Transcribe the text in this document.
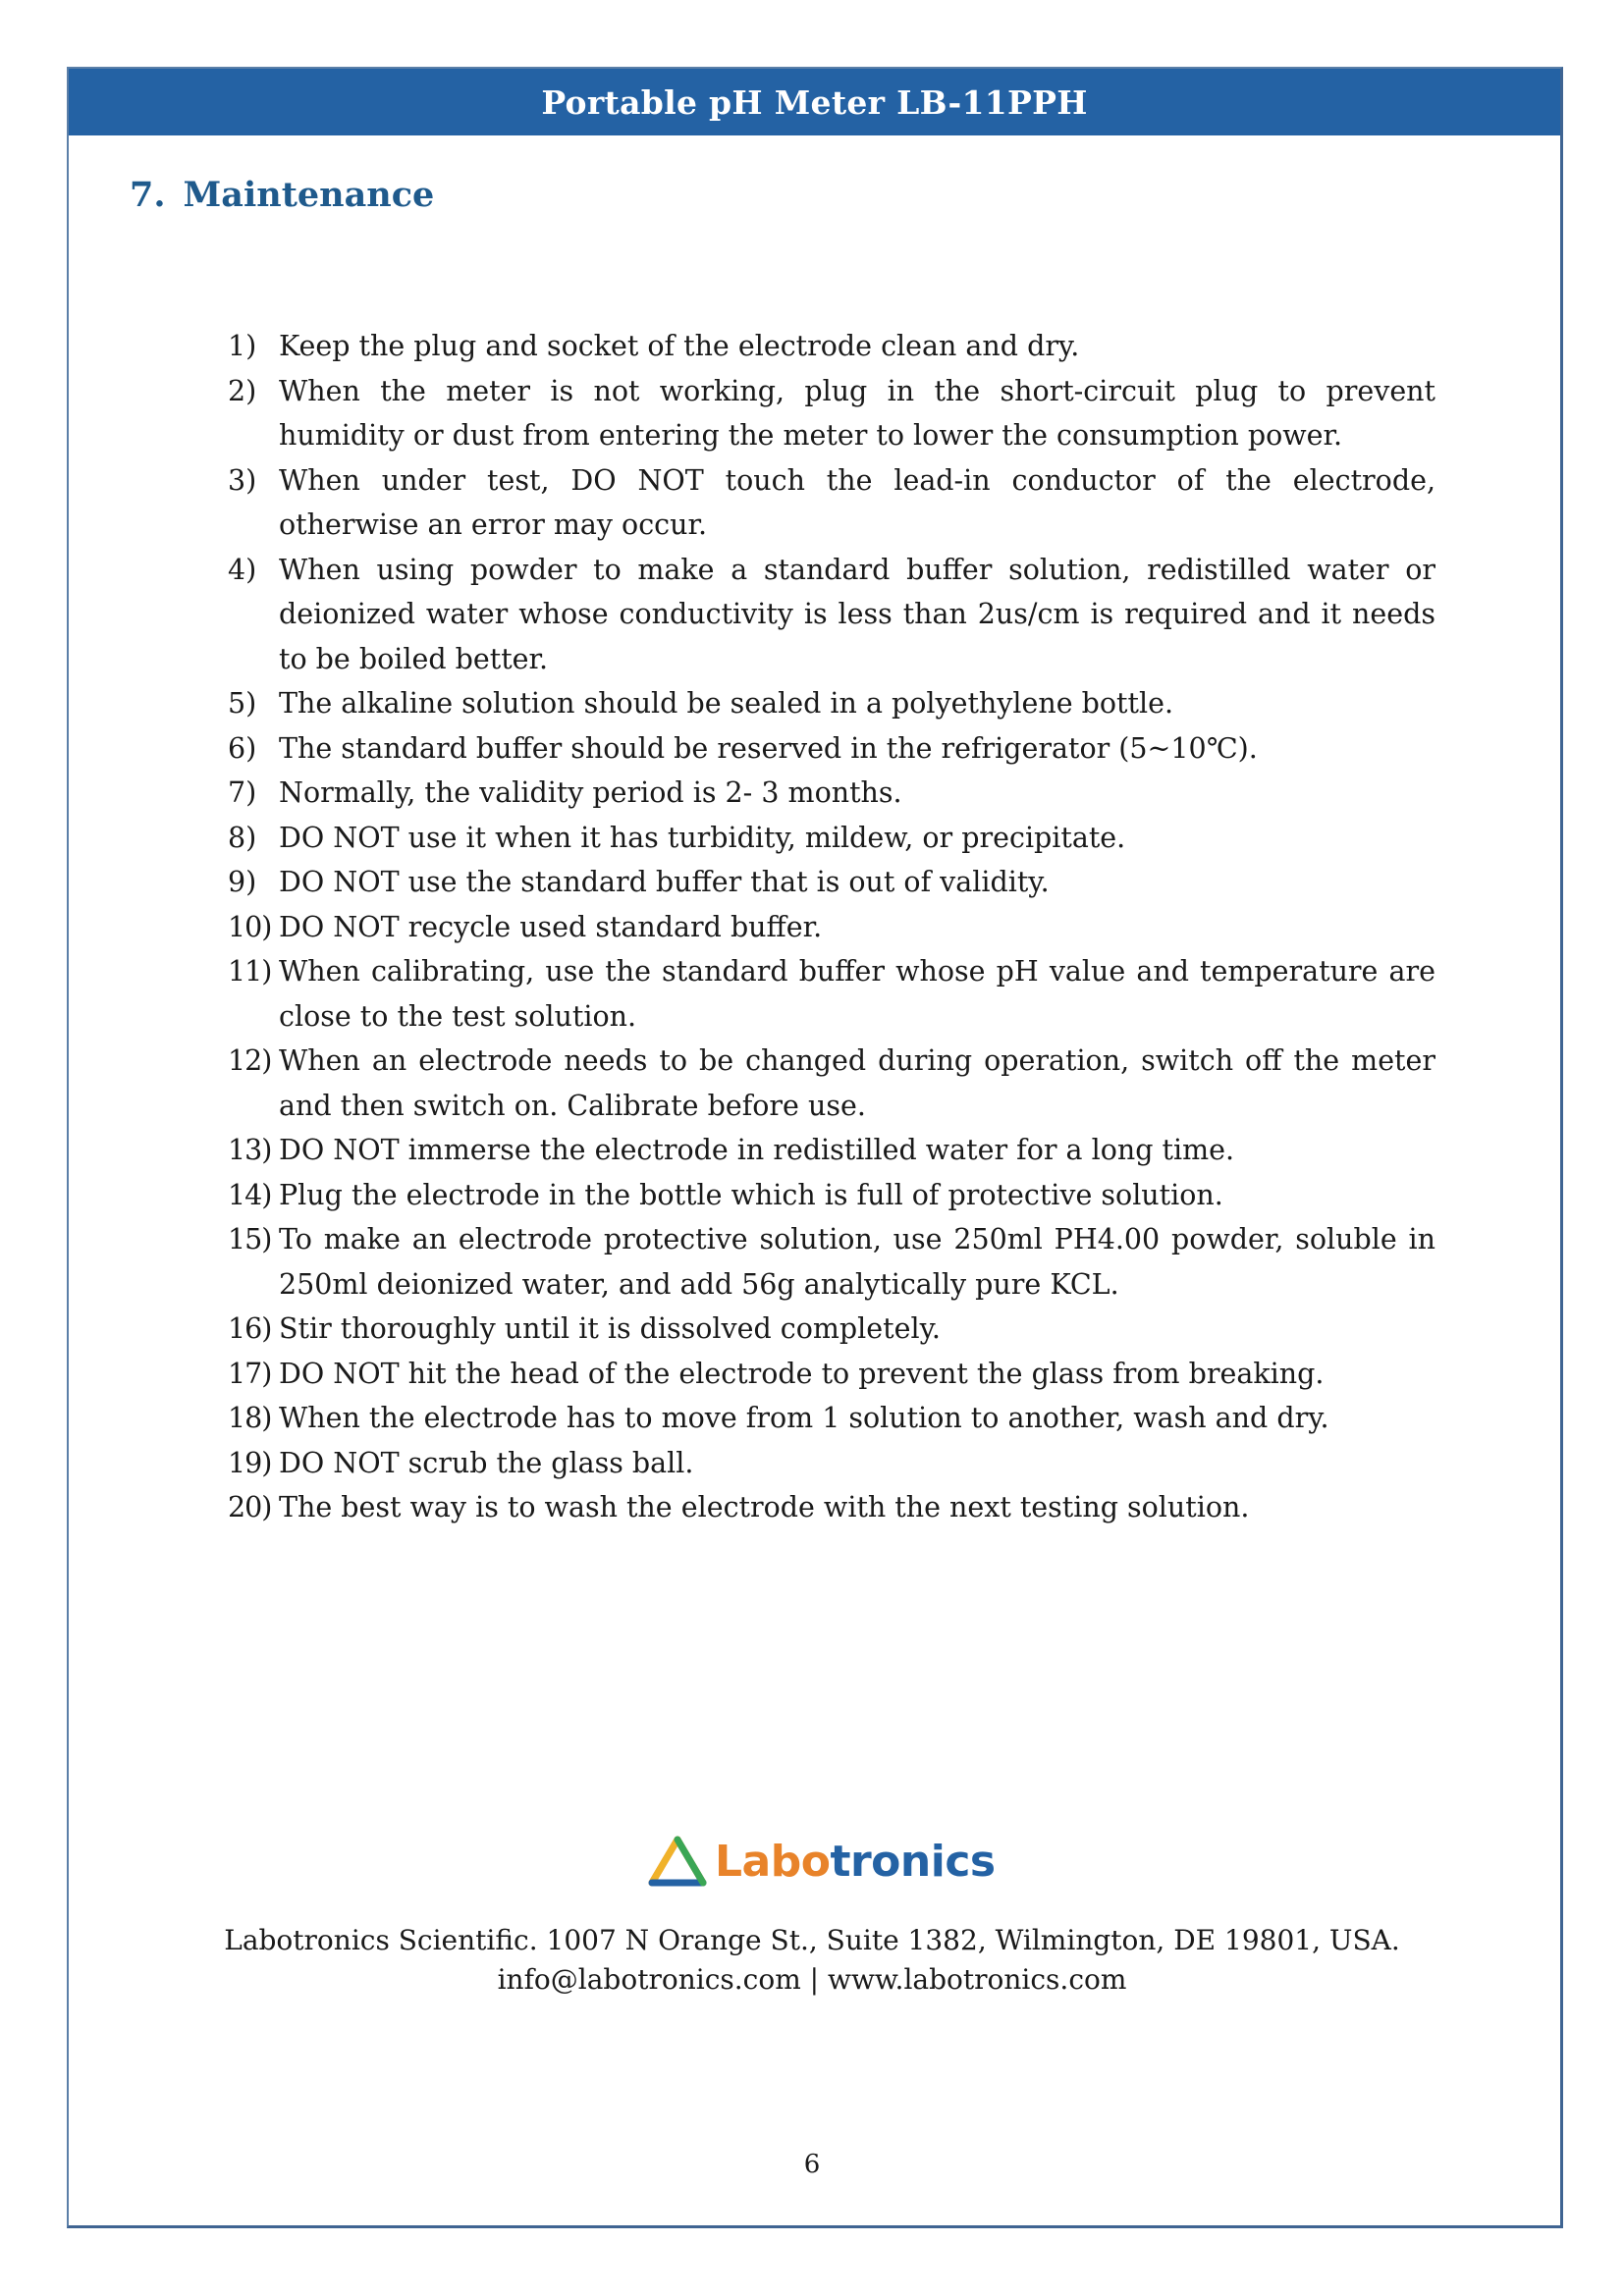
Portable pH Meter LB-11PPH
7. Maintenance
1) Keep the plug and socket of the electrode clean and dry.
2) When the meter is not working, plug in the short-circuit plug to prevent humidity or dust from entering the meter to lower the consumption power.
3) When under test, DO NOT touch the lead-in conductor of the electrode, otherwise an error may occur.
4) When using powder to make a standard buffer solution, redistilled water or deionized water whose conductivity is less than 2us/cm is required and it needs to be boiled better.
5) The alkaline solution should be sealed in a polyethylene bottle.
6) The standard buffer should be reserved in the refrigerator (5~10℃).
7) Normally, the validity period is 2- 3 months.
8) DO NOT use it when it has turbidity, mildew, or precipitate.
9) DO NOT use the standard buffer that is out of validity.
10) DO NOT recycle used standard buffer.
11) When calibrating, use the standard buffer whose pH value and temperature are close to the test solution.
12) When an electrode needs to be changed during operation, switch off the meter and then switch on. Calibrate before use.
13) DO NOT immerse the electrode in redistilled water for a long time.
14) Plug the electrode in the bottle which is full of protective solution.
15) To make an electrode protective solution, use 250ml PH4.00 powder, soluble in 250ml deionized water, and add 56g analytically pure KCL.
16) Stir thoroughly until it is dissolved completely.
17) DO NOT hit the head of the electrode to prevent the glass from breaking.
18) When the electrode has to move from 1 solution to another, wash and dry.
19) DO NOT scrub the glass ball.
20) The best way is to wash the electrode with the next testing solution.
Labotronics
Labotronics Scientific. 1007 N Orange St., Suite 1382, Wilmington, DE 19801, USA.
info@labotronics.com | www.labotronics.com
6
